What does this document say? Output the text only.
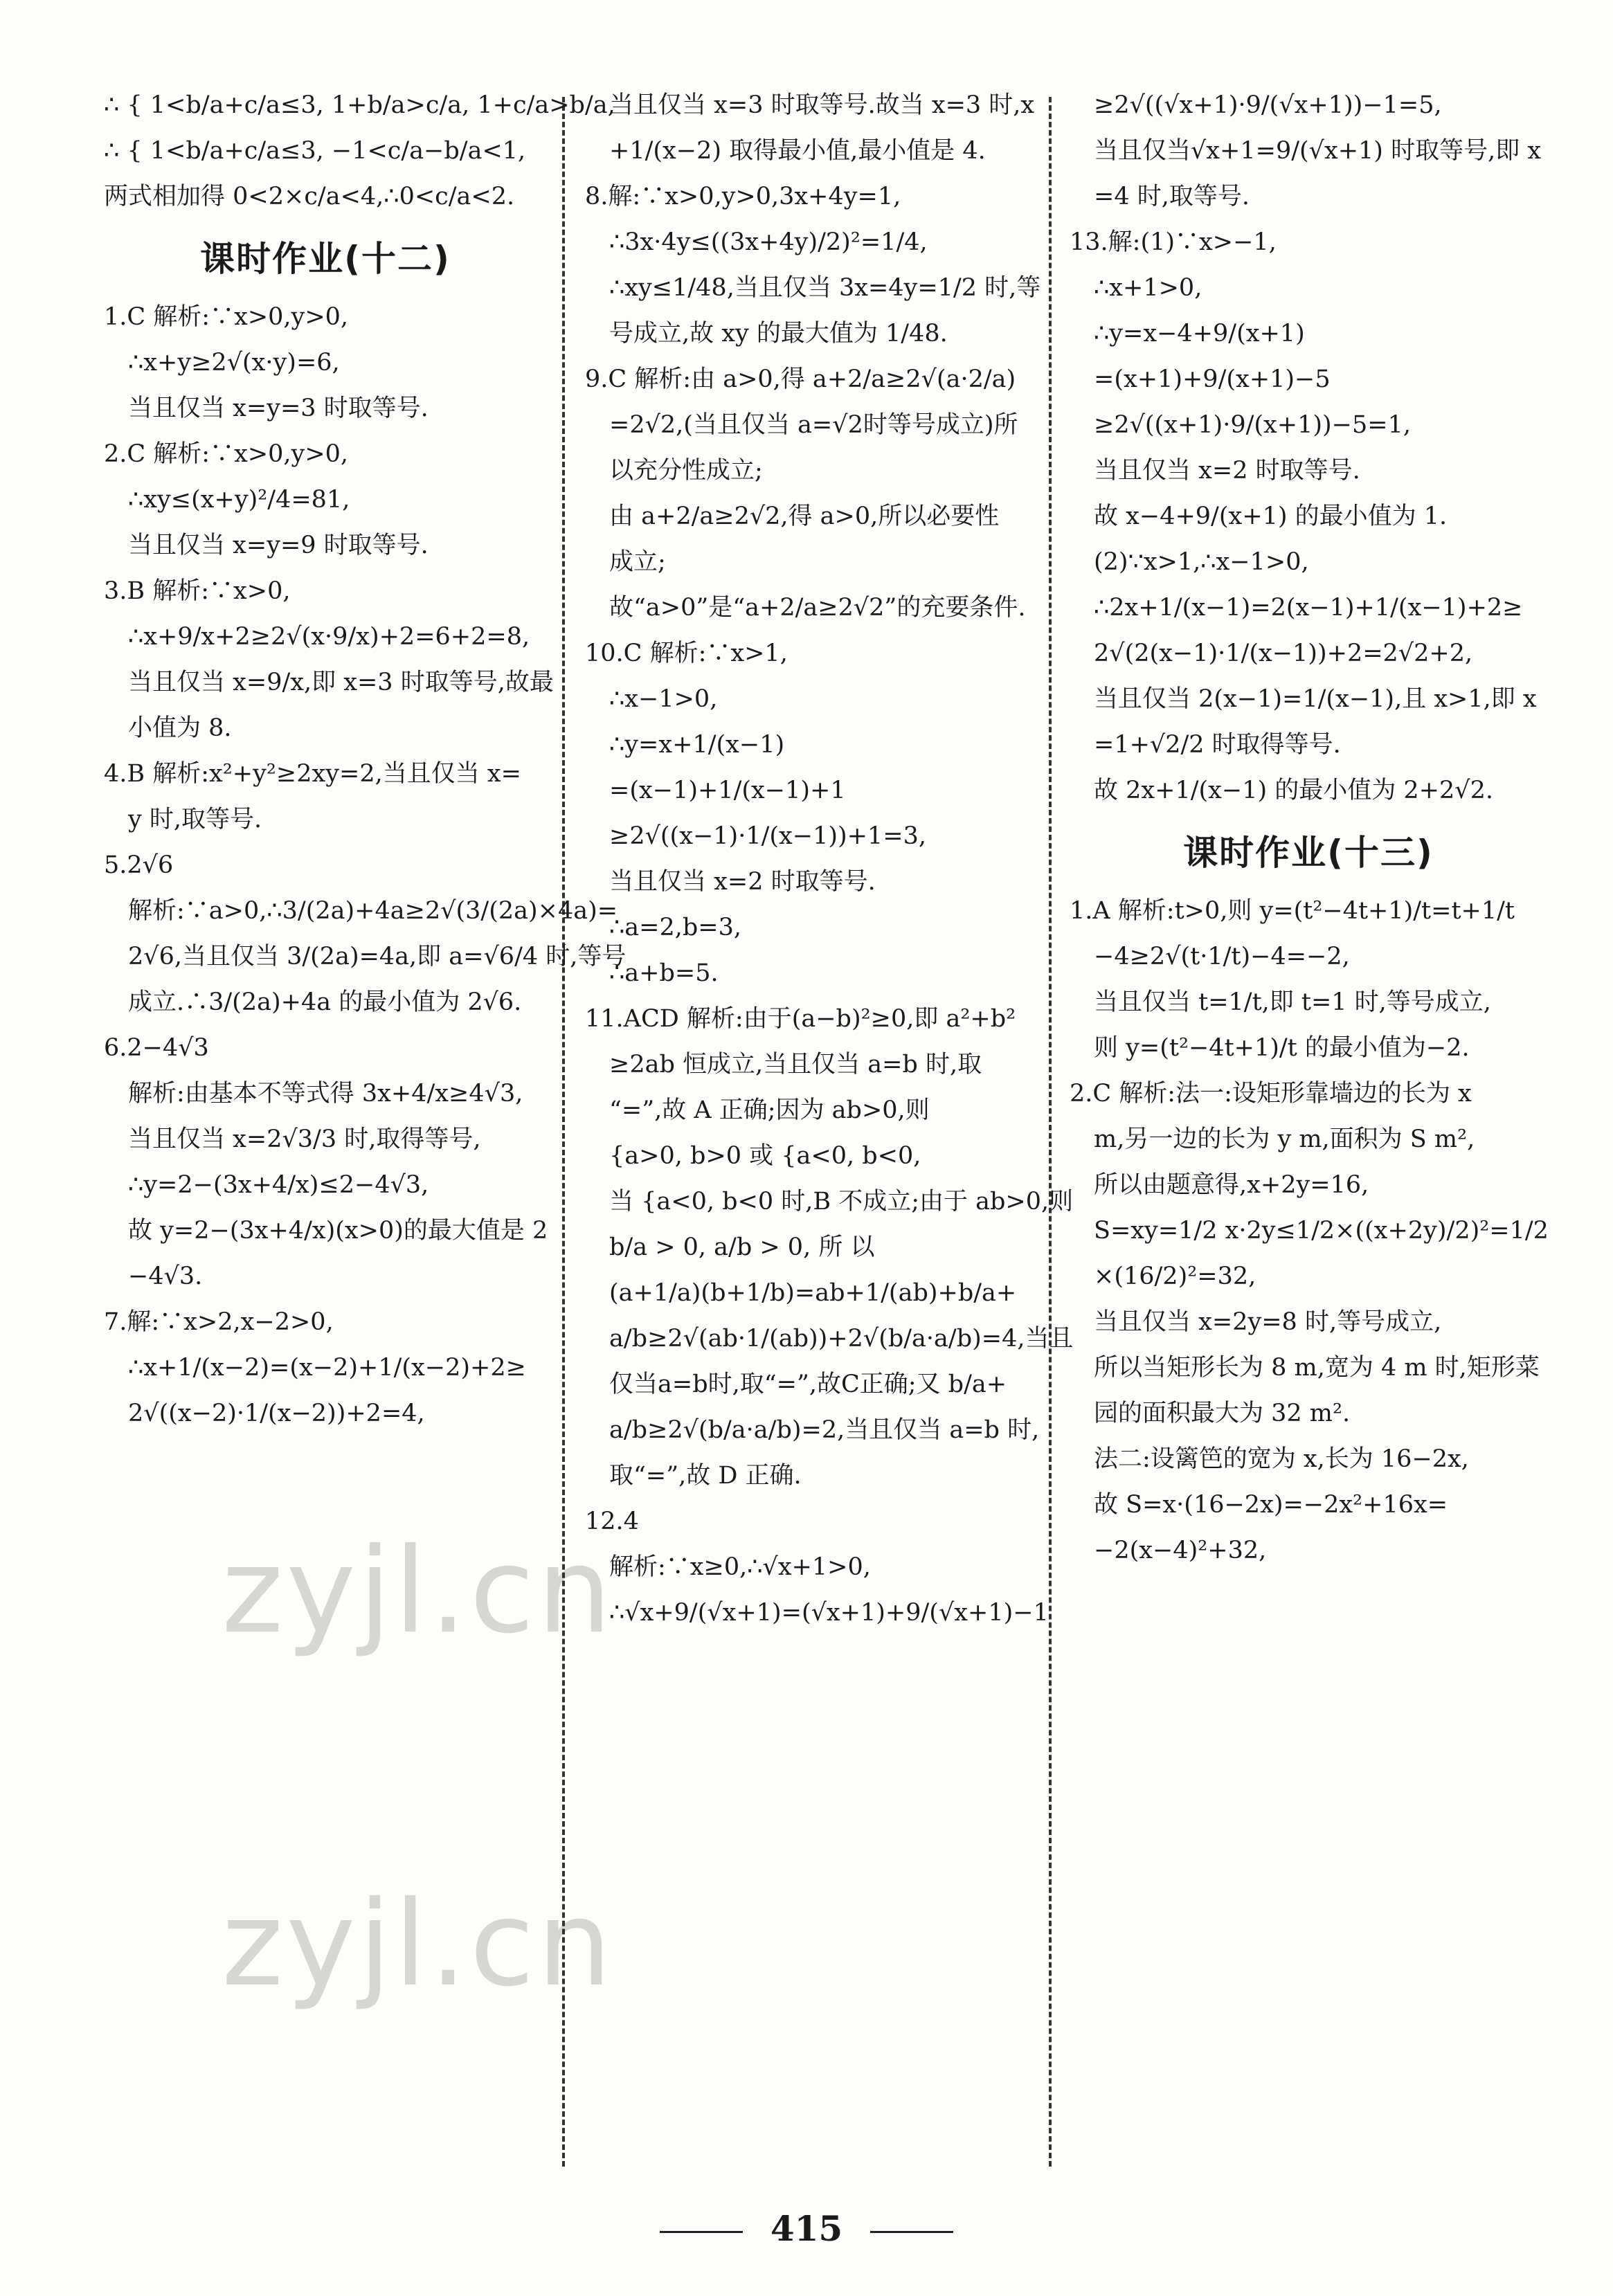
∴ { 1<b/a+c/a≤3, 1+b/a>c/a, 1+c/a>b/a,
∴ { 1<b/a+c/a≤3, −1<c/a−b/a<1,
两式相加得 0<2×c/a<4,∴0<c/a<2.
课时作业(十二)
1.C 解析:∵x>0,y>0,
∴x+y≥2√(x·y)=6,
当且仅当 x=y=3 时取等号.
2.C 解析:∵x>0,y>0,
∴xy≤(x+y)²/4=81,
当且仅当 x=y=9 时取等号.
3.B 解析:∵x>0,
∴x+9/x+2≥2√(x·9/x)+2=6+2=8,
当且仅当 x=9/x,即 x=3 时取等号,故最
小值为 8.
4.B 解析:x²+y²≥2xy=2,当且仅当 x=
y 时,取等号.
5.2√6
解析:∵a>0,∴3/(2a)+4a≥2√(3/(2a)×4a)=
2√6,当且仅当 3/(2a)=4a,即 a=√6/4 时,等号
成立.∴3/(2a)+4a 的最小值为 2√6.
6.2−4√3
解析:由基本不等式得 3x+4/x≥4√3,
当且仅当 x=2√3/3 时,取得等号,
∴y=2−(3x+4/x)≤2−4√3,
故 y=2−(3x+4/x)(x>0)的最大值是 2
−4√3.
7.解:∵x>2,x−2>0,
∴x+1/(x−2)=(x−2)+1/(x−2)+2≥
2√((x−2)·1/(x−2))+2=4,
当且仅当 x=3 时取等号.故当 x=3 时,x
+1/(x−2) 取得最小值,最小值是 4.
8.解:∵x>0,y>0,3x+4y=1,
∴3x·4y≤((3x+4y)/2)²=1/4,
∴xy≤1/48,当且仅当 3x=4y=1/2 时,等
号成立,故 xy 的最大值为 1/48.
9.C 解析:由 a>0,得 a+2/a≥2√(a·2/a)
=2√2,(当且仅当 a=√2时等号成立)所
以充分性成立;
由 a+2/a≥2√2,得 a>0,所以必要性
成立;
故“a>0”是“a+2/a≥2√2”的充要条件.
10.C 解析:∵x>1,
∴x−1>0,
∴y=x+1/(x−1)
=(x−1)+1/(x−1)+1
≥2√((x−1)·1/(x−1))+1=3,
当且仅当 x=2 时取等号.
∴a=2,b=3,
∴a+b=5.
11.ACD 解析:由于(a−b)²≥0,即 a²+b²
≥2ab 恒成立,当且仅当 a=b 时,取
“=”,故 A 正确;因为 ab>0,则
{a>0, b>0 或 {a<0, b<0,
当 {a<0, b<0 时,B 不成立;由于 ab>0,则
b/a > 0, a/b > 0, 所 以
(a+1/a)(b+1/b)=ab+1/(ab)+b/a+
a/b≥2√(ab·1/(ab))+2√(b/a·a/b)=4,当且
仅当a=b时,取“=”,故C正确;又 b/a+
a/b≥2√(b/a·a/b)=2,当且仅当 a=b 时,
取“=”,故 D 正确.
12.4
解析:∵x≥0,∴√x+1>0,
∴√x+9/(√x+1)=(√x+1)+9/(√x+1)−1
≥2√((√x+1)·9/(√x+1))−1=5,
当且仅当√x+1=9/(√x+1) 时取等号,即 x
=4 时,取等号.
13.解:(1)∵x>−1,
∴x+1>0,
∴y=x−4+9/(x+1)
=(x+1)+9/(x+1)−5
≥2√((x+1)·9/(x+1))−5=1,
当且仅当 x=2 时取等号.
故 x−4+9/(x+1) 的最小值为 1.
(2)∵x>1,∴x−1>0,
∴2x+1/(x−1)=2(x−1)+1/(x−1)+2≥
2√(2(x−1)·1/(x−1))+2=2√2+2,
当且仅当 2(x−1)=1/(x−1),且 x>1,即 x
=1+√2/2 时取得等号.
故 2x+1/(x−1) 的最小值为 2+2√2.
课时作业(十三)
1.A 解析:t>0,则 y=(t²−4t+1)/t=t+1/t
−4≥2√(t·1/t)−4=−2,
当且仅当 t=1/t,即 t=1 时,等号成立,
则 y=(t²−4t+1)/t 的最小值为−2.
2.C 解析:法一:设矩形靠墙边的长为 x
m,另一边的长为 y m,面积为 S m²,
所以由题意得,x+2y=16,
S=xy=1/2 x·2y≤1/2×((x+2y)/2)²=1/2
×(16/2)²=32,
当且仅当 x=2y=8 时,等号成立,
所以当矩形长为 8 m,宽为 4 m 时,矩形菜
园的面积最大为 32 m².
法二:设篱笆的宽为 x,长为 16−2x,
故 S=x·(16−2x)=−2x²+16x=
−2(x−4)²+32,
zyjl.cn
zyjl.cn
415
